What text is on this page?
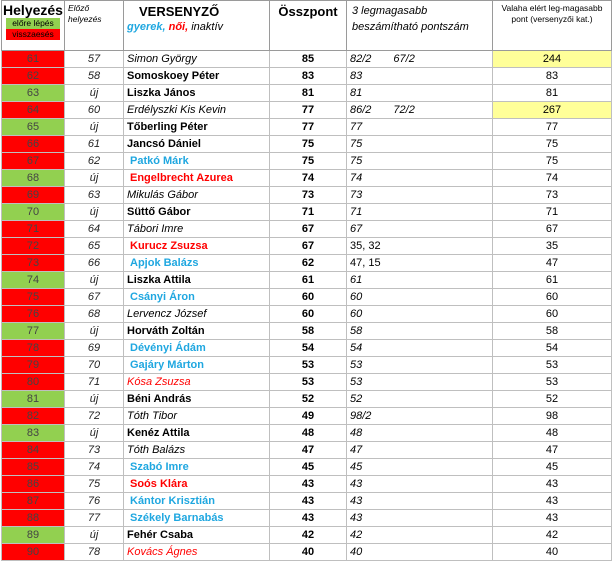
Helyezés
előre lépés
visszaesés	Előző helyezés	VERSENYZŐ
gyerek, női, inaktív	Összpont	3 legmagasabb beszámítható pontszám	Valaha elért leg-magasabb pont (versenyzői kat.)

61	57	Simon György	85	82/2 67/2	244
62	58	Somoskoey Péter	83	83	83
63	új	Liszka János	81	81	81
64	60	Erdélyszki Kis Kevin	77	86/2 72/2	267
65	új	Tőberling Péter	77	77	77
66	61	Jancsó Dániel	75	75	75
67	62	Patkó Márk	75	75	75
68	új	Engelbrecht Azurea	74	74	74
69	63	Mikulás Gábor	73	73	73
70	új	Süttő Gábor	71	71	71
71	64	Tábori Imre	67	67	67
72	65	Kurucz Zsuzsa	67	35, 32	35
73	66	Apjok Balázs	62	47, 15	47
74	új	Liszka Attila	61	61	61
75	67	Csányi Áron	60	60	60
76	68	Lervencz József	60	60	60
77	új	Horváth Zoltán	58	58	58
78	69	Dévényi Ádám	54	54	54
79	70	Gajáry Márton	53	53	53
80	71	Kósa Zsuzsa	53	53	53
81	új	Béni András	52	52	52
82	72	Tóth Tibor	49	98/2	98
83	új	Kenéz Attila	48	48	48
84	73	Tóth Balázs	47	47	47
85	74	Szabó Imre	45	45	45
86	75	Soós Klára	43	43	43
87	76	Kántor Krisztián	43	43	43
88	77	Székely Barnabás	43	43	43
89	új	Fehér Csaba	42	42	42
90	78	Kovács Ágnes	40	40	40
